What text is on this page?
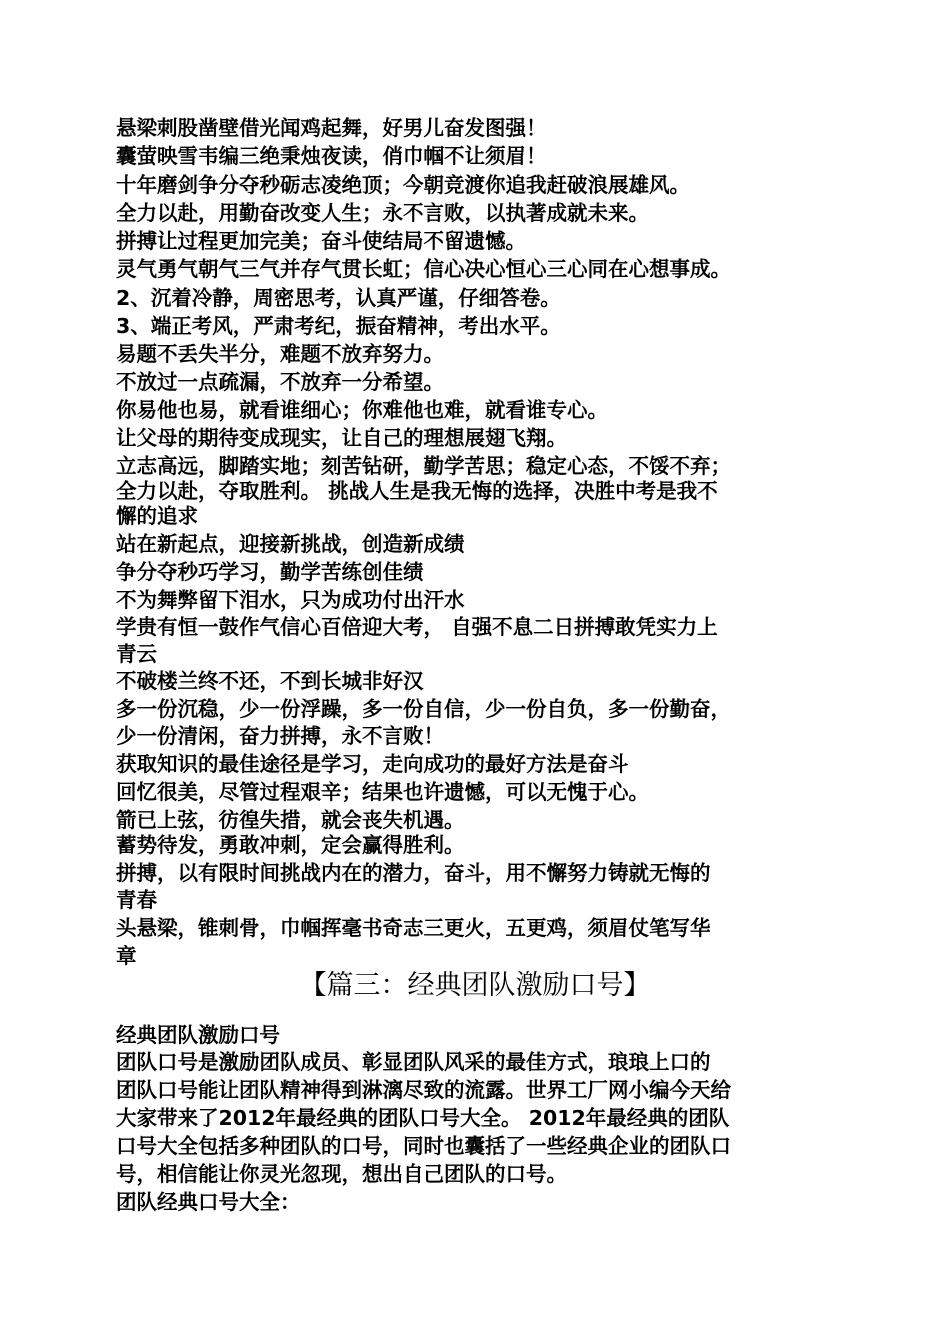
悬梁刺股凿壁借光闻鸡起舞，好男儿奋发图强！
囊萤映雪韦编三绝秉烛夜读，俏巾帼不让须眉！
十年磨剑争分夺秒砺志凌绝顶；今朝竞渡你追我赶破浪展雄风。
全力以赴，用勤奋改变人生；永不言败，以执著成就未来。
拼搏让过程更加完美；奋斗使结局不留遗憾。
灵气勇气朝气三气并存气贯长虹；信心决心恒心三心同在心想事成。
2、沉着冷静，周密思考，认真严谨，仔细答卷。
3、端正考风，严肃考纪，振奋精神，考出水平。
易题不丢失半分，难题不放弃努力。
不放过一点疏漏，不放弃一分希望。
你易他也易，就看谁细心；你难他也难，就看谁专心。
让父母的期待变成现实，让自己的理想展翅飞翔。
立志高远，脚踏实地；刻苦钻研，勤学苦思；稳定心态，不馁不弃；
全力以赴，夺取胜利。 挑战人生是我无悔的选择，决胜中考是我不
懈的追求
站在新起点，迎接新挑战，创造新成绩
争分夺秒巧学习，勤学苦练创佳绩
不为舞弊留下泪水，只为成功付出汗水
学贵有恒一鼓作气信心百倍迎大考， 自强不息二日拼搏敢凭实力上
青云
不破楼兰终不还，不到长城非好汉
多一份沉稳，少一份浮躁，多一份自信，少一份自负，多一份勤奋，
少一份清闲，奋力拼搏，永不言败！
获取知识的最佳途径是学习，走向成功的最好方法是奋斗
回忆很美，尽管过程艰辛；结果也许遗憾，可以无愧于心。
箭已上弦，彷徨失措，就会丧失机遇。
蓄势待发，勇敢冲刺，定会赢得胜利。
拼搏，以有限时间挑战内在的潜力，奋斗，用不懈努力铸就无悔的
青春
头悬梁，锥刺骨，巾帼挥毫书奇志三更火，五更鸡，须眉仗笔写华
章
【篇三：经典团队激励口号】
经典团队激励口号
团队口号是激励团队成员、彰显团队风采的最佳方式，琅琅上口的
团队口号能让团队精神得到淋漓尽致的流露。世界工厂网小编今天给
大家带来了2012年最经典的团队口号大全。 2012年最经典的团队
口号大全包括多种团队的口号，同时也囊括了一些经典企业的团队口
号，相信能让你灵光忽现，想出自己团队的口号。
团队经典口号大全：
